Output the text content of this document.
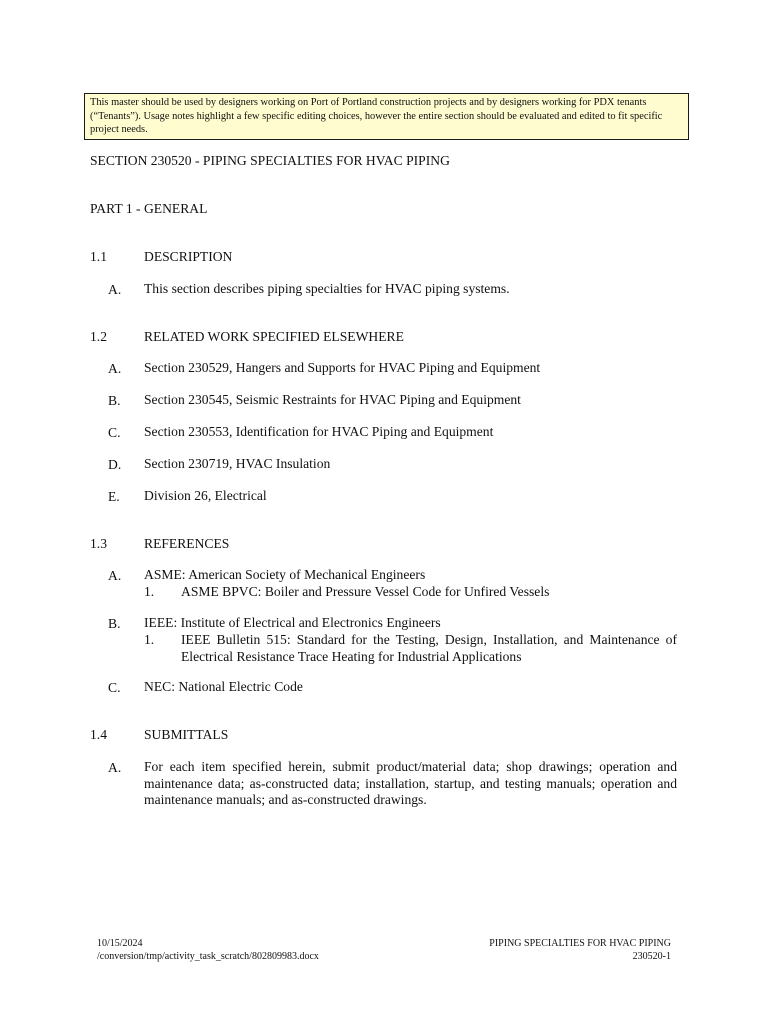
This master should be used by designers working on Port of Portland construction projects and by designers working for PDX tenants (“Tenants”). Usage notes highlight a few specific editing choices, however the entire section should be evaluated and edited to fit specific project needs.
SECTION 230520 - PIPING SPECIALTIES FOR HVAC PIPING
PART 1 - GENERAL
1.1	DESCRIPTION
A. This section describes piping specialties for HVAC piping systems.
1.2	RELATED WORK SPECIFIED ELSEWHERE
A. Section 230529, Hangers and Supports for HVAC Piping and Equipment
B. Section 230545, Seismic Restraints for HVAC Piping and Equipment
C. Section 230553, Identification for HVAC Piping and Equipment
D. Section 230719, HVAC Insulation
E. Division 26, Electrical
1.3	REFERENCES
A. ASME: American Society of Mechanical Engineers
1. ASME BPVC: Boiler and Pressure Vessel Code for Unfired Vessels
B. IEEE: Institute of Electrical and Electronics Engineers
1. IEEE Bulletin 515: Standard for the Testing, Design, Installation, and Maintenance of Electrical Resistance Trace Heating for Industrial Applications
C. NEC: National Electric Code
1.4	SUBMITTALS
A. For each item specified herein, submit product/material data; shop drawings; operation and maintenance data; as-constructed data; installation, startup, and testing manuals; operation and maintenance manuals; and as-constructed drawings.
10/15/2024
/conversion/tmp/activity_task_scratch/802809983.docx
PIPING SPECIALTIES FOR HVAC PIPING
230520-1
